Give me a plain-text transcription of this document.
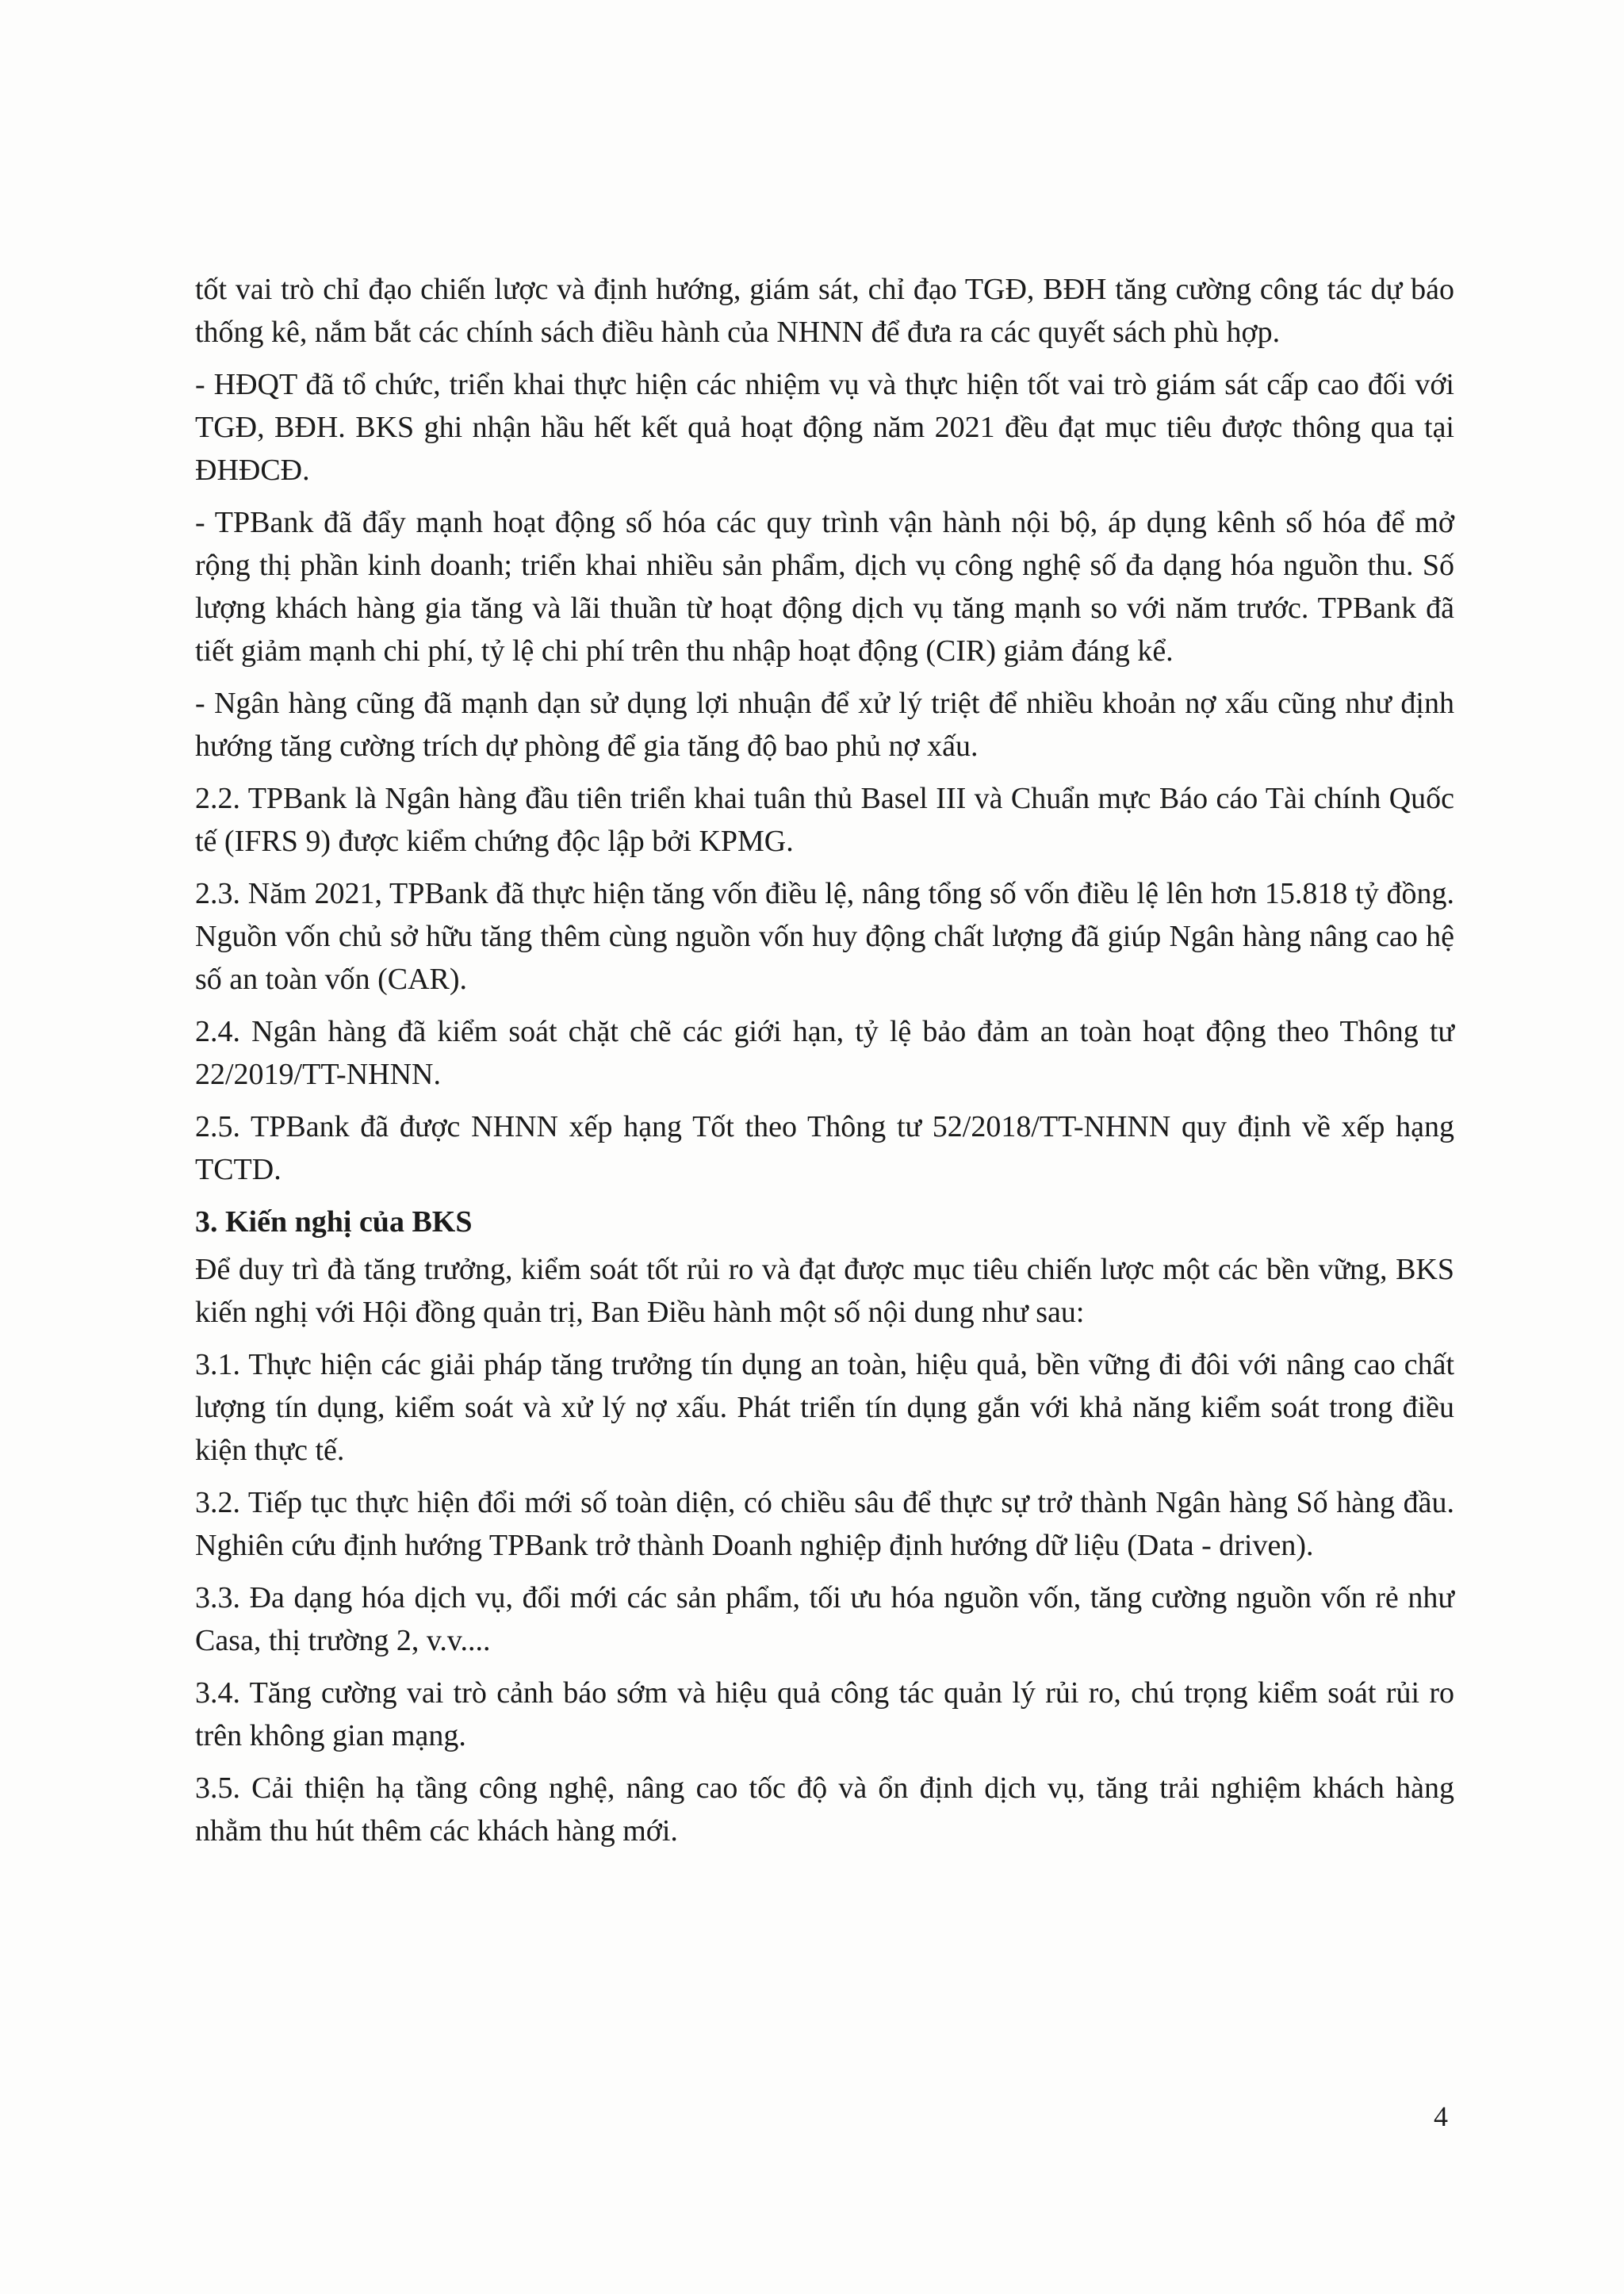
tốt vai trò chỉ đạo chiến lược và định hướng, giám sát, chỉ đạo TGĐ, BĐH tăng cường công tác dự báo thống kê, nắm bắt các chính sách điều hành của NHNN để đưa ra các quyết sách phù hợp.

- HĐQT đã tổ chức, triển khai thực hiện các nhiệm vụ và thực hiện tốt vai trò giám sát cấp cao đối với TGĐ, BĐH. BKS ghi nhận hầu hết kết quả hoạt động năm 2021 đều đạt mục tiêu được thông qua tại ĐHĐCĐ.

- TPBank đã đẩy mạnh hoạt động số hóa các quy trình vận hành nội bộ, áp dụng kênh số hóa để mở rộng thị phần kinh doanh; triển khai nhiều sản phẩm, dịch vụ công nghệ số đa dạng hóa nguồn thu. Số lượng khách hàng gia tăng và lãi thuần từ hoạt động dịch vụ tăng mạnh so với năm trước. TPBank đã tiết giảm mạnh chi phí, tỷ lệ chi phí trên thu nhập hoạt động (CIR) giảm đáng kể.

- Ngân hàng cũng đã mạnh dạn sử dụng lợi nhuận để xử lý triệt để nhiều khoản nợ xấu cũng như định hướng tăng cường trích dự phòng để gia tăng độ bao phủ nợ xấu.

2.2. TPBank là Ngân hàng đầu tiên triển khai tuân thủ Basel III và Chuẩn mực Báo cáo Tài chính Quốc tế (IFRS 9) được kiểm chứng độc lập bởi KPMG.

2.3. Năm 2021, TPBank đã thực hiện tăng vốn điều lệ, nâng tổng số vốn điều lệ lên hơn 15.818 tỷ đồng. Nguồn vốn chủ sở hữu tăng thêm cùng nguồn vốn huy động chất lượng đã giúp Ngân hàng nâng cao hệ số an toàn vốn (CAR).

2.4. Ngân hàng đã kiểm soát chặt chẽ các giới hạn, tỷ lệ bảo đảm an toàn hoạt động theo Thông tư 22/2019/TT-NHNN.

2.5. TPBank đã được NHNN xếp hạng Tốt theo Thông tư 52/2018/TT-NHNN quy định về xếp hạng TCTD.

3. Kiến nghị của BKS

Để duy trì đà tăng trưởng, kiểm soát tốt rủi ro và đạt được mục tiêu chiến lược một các bền vững, BKS kiến nghị với Hội đồng quản trị, Ban Điều hành một số nội dung như sau:

3.1. Thực hiện các giải pháp tăng trưởng tín dụng an toàn, hiệu quả, bền vững đi đôi với nâng cao chất lượng tín dụng, kiểm soát và xử lý nợ xấu. Phát triển tín dụng gắn với khả năng kiểm soát trong điều kiện thực tế.

3.2. Tiếp tục thực hiện đổi mới số toàn diện, có chiều sâu để thực sự trở thành Ngân hàng Số hàng đầu. Nghiên cứu định hướng TPBank trở thành Doanh nghiệp định hướng dữ liệu (Data - driven).

3.3. Đa dạng hóa dịch vụ, đổi mới các sản phẩm, tối ưu hóa nguồn vốn, tăng cường nguồn vốn rẻ như Casa, thị trường 2, v.v....

3.4. Tăng cường vai trò cảnh báo sớm và hiệu quả công tác quản lý rủi ro, chú trọng kiểm soát rủi ro trên không gian mạng.

3.5. Cải thiện hạ tầng công nghệ, nâng cao tốc độ và ổn định dịch vụ, tăng trải nghiệm khách hàng nhằm thu hút thêm các khách hàng mới.

4
